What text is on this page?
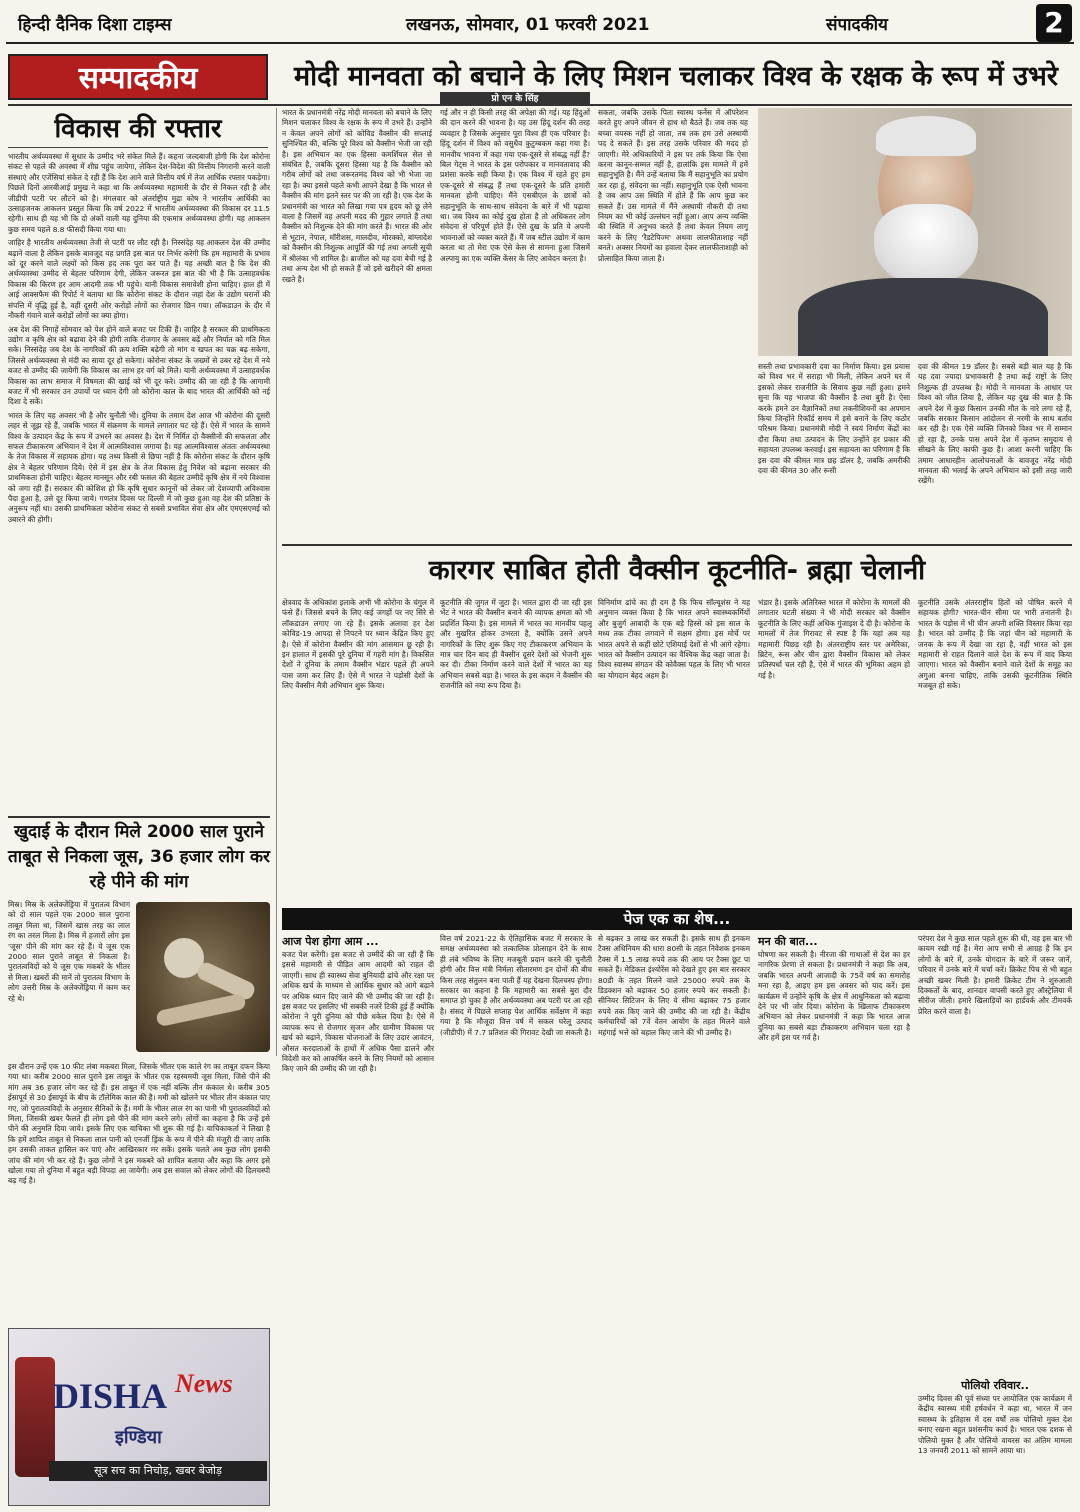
हिन्दी दैनिक दिशा टाइम्स	लखनऊ, सोमवार, 01 फरवरी 2021	संपादकीय	2
सम्पादकीय	मोदी मानवता को बचाने के लिए मिशन चलाकर विश्व के रक्षक के रूप में उभरे
विकास की रफ्तार

भारतीय अर्थव्यवस्था में सुधार के उम्मीद भरे संकेत मिले हैं। कहना जल्दबाजी होगी कि देश कोरोना संकट से पहले की अवस्था में शीघ्र पहुंच जायेगा, लेकिन देश-विदेश की वित्तीय निगरानी करने वाली संस्थाएं और एजेंसियां संकेत दे रही हैं कि देश आने वाले वित्तीय वर्ष में तेज आर्थिक रफ्तार पकड़ेगा। पिछले दिनों आरबीआई प्रमुख ने कहा था कि अर्थव्यवस्था महामारी के दौर से निकल रही है और जीडीपी पटरी पर लौटने को है। मंगलवार को अंतर्राष्ट्रीय मुद्रा कोष ने भारतीय आर्थिकी का उत्साहजनक आकलन प्रस्तुत किया कि वर्ष 2022 में भारतीय अर्थव्यवस्था की विकास दर 11.5 रहेगी। साथ ही यह भी कि दो अंकों वाली यह दुनिया की एकमात्र अर्थव्यवस्था होगी। यह आकलन कुछ समय पहले 8.8 फीसदी किया गया था।

जाहिर है भारतीय अर्थव्यवस्था तेजी से पटरी पर लौट रही है। निस्संदेह यह आकलन देश की उम्मीद बढ़ाने वाला है लेकिन इसके बावजूद यह प्रगति इस बात पर निर्भर करेगी कि हम महामारी के प्रभाव को दूर करने वाले लक्ष्यों को किस हद तक पूरा कर पाते हैं। यह अच्छी बात है कि देश की अर्थव्यवस्था उम्मीद से बेहतर परिणाम देगी, लेकिन जरूरत इस बात की भी है कि उत्साहवर्धक विकास की किरण हर आम आदमी तक भी पहुंचे। यानी विकास समावेशी होना चाहिए। हाल ही में आई आक्सफैम की रिपोर्ट ने बताया था कि कोरोना संकट के दौरान जहां देश के उद्योग घरानों की संपत्ति में वृद्धि हुई है, वहीं दूसरी ओर करोड़ों लोगों का रोजगार छिन गया। लॉकडाउन के दौर में नौकरी गंवाने वाले करोड़ों लोगों का क्या होगा।

अब देश की निगाहें सोमवार को पेश होने वाले बजट पर टिकी हैं। जाहिर है सरकार की प्राथमिकता उद्योग व कृषि क्षेत्र को बढ़ावा देने की होगी ताकि रोजगार के अवसर बढ़ें और निर्यात को गति मिल सके। निस्संदेह जब देश के नागरिकों की क्रय शक्ति बढ़ेगी तो मांग व खपत का चक्र बढ़ सकेगा, जिससे अर्थव्यवस्था से मंदी का साया दूर हो सकेगा। कोरोना संकट के जख्मों से उबर रहे देश में नये बजट से उम्मीद की जायेगी कि विकास का लाभ हर वर्ग को मिले। यानी अर्थव्यवस्था में उत्साहवर्धक विकास का लाभ समाज में विषमता की खाई को भी दूर करे। उम्मीद की जा रही है कि आगामी बजट में भी सरकार उन उपायों पर ध्यान देगी जो कोरोना काल के बाद भारत की आर्थिकी को नई दिशा दे सकें।

भारत के लिए यह अवसर भी है और चुनौती भी। दुनिया के तमाम देश आज भी कोरोना की दूसरी लहर से जूझ रहे हैं, जबकि भारत में संक्रमण के मामले लगातार घट रहे हैं। ऐसे में भारत के सामने विश्व के उत्पादन केंद्र के रूप में उभरने का अवसर है। देश में निर्मित दो वैक्सीनों की सफलता और सफल टीकाकरण अभियान ने देश में आत्मविश्वास जगाया है। यह आत्मविश्वास अंततः अर्थव्यवस्था के तेज विकास में सहायक होगा। यह तथ्य किसी से छिपा नहीं है कि कोरोना संकट के दौरान कृषि क्षेत्र ने बेहतर परिणाम दिये। ऐसे में इस क्षेत्र के तेज विकास हेतु निवेश को बढ़ाना सरकार की प्राथमिकता होनी चाहिए। बेहतर मानसून और रबी फसल की बेहतर उम्मीदें कृषि क्षेत्र में नये विश्वास को जगा रही हैं। सरकार की कोशिश हो कि कृषि सुधार कानूनों को लेकर जो देशव्यापी अविश्वास पैदा हुआ है, उसे दूर किया जाये। गणतंत्र दिवस पर दिल्ली में जो कुछ हुआ वह देश की प्रतिष्ठा के अनुरूप नहीं था। उसकी प्राथमिकता कोरोना संकट से सबसे प्रभावित सेवा क्षेत्र और एमएसएमई को उबारने की होगी।

भारत के प्रधानमंत्री नरेंद्र मोदी मानवता को बचाने के लिए मिशन चलाकर विश्व के रक्षक के रूप में उभरे हैं। उन्होंने न केवल अपने लोगों को कोविड वैक्सीन की सप्लाई सुनिश्चित की, बल्कि पूरे विश्व को वैक्सीन भेजी जा रही है। इस अभियान का एक हिस्सा कमर्शियल सेल से संबंधित है, जबकि दूसरा हिस्सा यह है कि वैक्सीन को गरीब लोगों को तथा जरूरतमंद विश्व को भी भेजा जा रहा है। क्या इससे पहले कभी आपने देखा है कि भारत से वैक्सीन की मांग इतने स्तर पर की जा रही है। एक देश के प्रधानमंत्री का भारत को लिखा गया पत्र हृदय को छू लेने वाला है जिसमें वह अपनी मदद की गुहार लगाते हैं तथा वैक्सीन को निशुल्क देने की मांग करते हैं। भारत की ओर से भूटान, नेपाल, मॉरीशस, मालदीव, मोरक्को, बांग्लादेश को वैक्सीन की निशुल्क आपूर्ति की गई तथा अगली सूची में श्रीलंका भी शामिल है। ब्राजील को यह दवा बेची गई है तथा अन्य देश भी हो सकते हैं जो इसे खरीदने की क्षमता रखते हैं।
प्रो एन के सिंह
गई और न ही किसी तरह की अपेक्षा की गई। यह हिंदुओं की दान करने की भावना है। यह उस हिंदू दर्शन की तरह व्यवहार है जिसके अनुसार पूरा विश्व ही एक परिवार है। हिंदू दर्शन में विश्व को वसुधैव कुटुम्बकम कहा गया है। मानवीय भावना में कहा गया एक-दूसरे से संबद्ध नहीं हैं? बिल गेट्स ने भारत के इस परोपकार व मानवतावाद की प्रशंसा करके सही किया है। एक विश्व में रहते हुए हम एक-दूसरे से संबद्ध हैं तथा एक-दूसरे के प्रति हमारी मानवता होनी चाहिए। मैंने एसबीएल के छात्रों को सहानुभूति के साथ-साथ संवेदना के बारे में भी पढ़ाया था। जब विश्व का कोई दुख होता है तो अधिकतर लोग संवेदना से परिपूर्ण होते हैं। ऐसे दुख के प्रति ये अपनी भावनाओं को व्यक्त करते हैं। मैं जब स्टील उद्योग में काम करता था तो मेरा एक ऐसे केस से सामना हुआ जिसमें अल्पायु का एक व्यक्ति केंसर के लिए आवेदन करता है।
सकता, जबकि उसके पिता स्वास्थ फर्नेस में ऑपरेशन करते हुए अपने जीवन से हाथ धो बैठते हैं। जब तक यह बच्चा वयस्क नहीं हो जाता, तब तक हम उसे अस्थायी पद दे सकते हैं। इस तरह उसके परिवार की मदद हो जाएगी। मेरे अधिकारियों ने इस पर तर्क किया कि ऐसा करना कानून-सम्मत नहीं है, हालांकि इस मामले में हमें सहानुभूति है। मैंने उन्हें बताया कि मैं सहानुभूति का प्रयोग कर रहा हूं, संवेदना का नहीं। सहानुभूति एक ऐसी भावना है जब आप उस स्थिति में होते हैं कि आप कुछ कर सकते हैं। उस मामले में मैंने अस्थायी नौकरी दी तथा नियम का भी कोई उल्लंघन नहीं हुआ। आप अन्य व्यक्ति की स्थिति में अनुभव करते हैं तथा केवल नियम लागू करने के लिए 'रैडटेपिज्म' अथवा लालफीताशाह नहीं बनते। अक्सर नियमों का हवाला देकर लालफीताशाही को प्रोत्साहित किया जाता है।
सस्ती तथा प्रभावकारी दवा का निर्माण किया। इस प्रयास को विश्व भर में सराहा भी मिली, लेकिन अपने घर में इसको लेकर राजनीति के सिवाय कुछ नहीं हुआ। हमने सुना कि यह भाजपा की वैक्सीन है तथा बुरी है। ऐसा करके हमने उन वैज्ञानिकों तथा तकनीशियनों का अपमान किया जिन्होंने रिकॉर्ड समय में इसे बनाने के लिए कठोर परिश्रम किया। प्रधानमंत्री मोदी ने स्वयं निर्माण केंद्रों का दौरा किया तथा उत्पादन के लिए उन्होंने हर प्रकार की सहायता उपलब्ध करवाई। इस सहायता का परिणाम है कि इस दवा की कीमत मात्र छह डॉलर है, जबकि अमरीकी दवा की कीमत 30 और रूसी
दवा की कीमत 19 डॉलर है। सबसे बड़ी बात यह है कि यह दवा ज्यादा प्रभावकारी है तथा कई राष्ट्रों के लिए निशुल्क ही उपलब्ध है। मोदी ने मानवता के आधार पर विश्व को जीत लिया है, लेकिन यह दुख की बात है कि अपने देश में कुछ किसान उनकी मौत के नारे लगा रहे हैं, जबकि सरकार किसान आंदोलन से नरमी के साथ बर्ताव कर रही है। एक ऐसे व्यक्ति जिनको विश्व भर में सम्मान हो रहा है, उनके पास अपने देश में कृतघ्न समुदाय से सीखने के लिए काफी कुछ है। आशा करनी चाहिए कि तमाम आधारहीन आलोचनाओं के बावजूद नरेंद्र मोदी मानवता की भलाई के अपने अभियान को इसी तरह जारी रखेंगे।
कारगर साबित होती वैक्सीन कूटनीति- ब्रह्मा चेलानी
क्षेत्रवाद के अधिकांश इलाके अभी भी कोरोना के चंगुल में फंसे हैं। जिससे बचने के लिए कई जगहों पर नए सिरे से लॉकडाउन लगाए जा रहे हैं। इसके अलावा हर देश कोविड-19 आपदा से निपटने पर ध्यान केंद्रित किए हुए है। ऐसे में कोरोना वैक्सीन की मांग आसमान छू रही है। इन हालात में इसकी पूरे दुनिया में गहरी मांग है। विकसित देशों ने दुनिया के तमाम वैक्सीन भंडार पहले ही अपने पास जमा कर लिए हैं। ऐसे में भारत ने पड़ोसी देशों के लिए वैक्सीन मैत्री अभियान शुरू किया।
कूटनीति की जुगत में जुटा है। भारत द्वारा दी जा रही इस भेंट ने भारत की वैक्सीन बनाने की व्यापक क्षमता को भी प्रदर्शित किया है। इस मामले में भारत का मानवीय पहलू और मुखरित होकर उभरता है, क्योंकि उसने अपने नागरिकों के लिए शुरू किए गए टीकाकरण अभियान के मात्र चार दिन बाद ही वैक्सीन दूसरे देशों को भेजनी शुरू कर दी। टीका निर्माण करने वाले देशों में भारत का यह अभियान सबसे बड़ा है। भारत के इस कदम ने वैक्सीन की राजनीति को नया रूप दिया है।
विनिर्माण ढांचे का ही दम है कि फिच सॉल्यूशंस ने यह अनुमान व्यक्त किया है कि भारत अपने स्वास्थ्यकर्मियों और बुजुर्ग आबादी के एक बड़े हिस्से को इस साल के मध्य तक टीका लगवाने में सक्षम होगा। इस मोर्चे पर भारत अपने से कहीं छोटे एशियाई देशों से भी आगे रहेगा। भारत को वैक्सीन उत्पादन का वैश्विक केंद्र कहा जाता है। विश्व स्वास्थ्य संगठन की कोवैक्स पहल के लिए भी भारत का योगदान बेहद अहम है।
भंडार है। इसके अतिरिक्त भारत में कोरोना के मामलों की लगातार घटती संख्या ने भी मोदी सरकार को वैक्सीन कूटनीति के लिए कहीं अधिक गुंजाइश दे दी है। कोरोना के मामलों में तेज गिरावट से स्पष्ट है कि यहां अब यह महामारी पिछड़ रही है। अंतरराष्ट्रीय स्तर पर अमेरिका, ब्रिटेन, रूस और चीन द्वारा वैक्सीन विकास को लेकर प्रतिस्पर्धा चल रही है, ऐसे में भारत की भूमिका अहम हो गई है।
कूटनीति उसके अंतरराष्ट्रीय हितों को पोषित करने में सहायक होगी? भारत-चीन सीमा पर भारी तनातनी है। भारत के पड़ोस में भी चीन अपनी शक्ति विस्तार किया रहा है। भारत को उम्मीद है कि जहां चीन को महामारी के जनक के रूप में देखा जा रहा है, वहीं भारत को इस महामारी से राहत दिलाने वाले देश के रूप में याद किया जाएगा। भारत को वैक्सीन बनाने वाले देशों के समूह का अगुआ बनना चाहिए, ताकि उसकी कूटनीतिक स्थिति मजबूत हो सके।
खुदाई के दौरान मिले 2000 साल पुराने ताबूत से निकला जूस, 36 हजार लोग कर रहे पीने की मांग
मिस्र। मिस्र के अलेक्जेंड्रिया में पुरातत्व विभाग को दो साल पहले एक 2000 साल पुराना ताबूत मिला था, जिसमें खास तरह का लाल रंग का तरल मिला है। मिस्र में हजारों लोग इस 'जूस' पीने की मांग कर रहे हैं। ये जूस एक 2000 साल पुराने ताबूत से निकला है। पुरातत्वविदों को ये जूस एक मकबरे के भीतर से मिला। खबरों की मानें तो पुरातत्व विभाग के लोग उत्तरी मिस्र के अलेक्जेंड्रिया में काम कर रहे थे।
इस दौरान उन्हें एक 10 फीट लंबा मकबरा मिला, जिसके भीतर एक काले रंग का ताबूत दफन किया गया था। करीब 2000 साल पुराने इस ताबूत के भीतर एक रहस्यमयी जूस मिला, जिसे पीने की मांग अब 36 हजार लोग कर रहे हैं। इस ताबूत में एक नहीं बल्कि तीन कंकाल थे। करीब 305 ईसापूर्व से 30 ईसापूर्व के बीच के टॉलेमिक काल की है। ममी को खोलने पर भीतर तीन कंकाल पाए गए, जो पुरातत्वविदों के अनुसार सैनिकों के हैं। ममी के भीतर लाल रंग का पानी भी पुरातत्वविदों को मिला, जिसकी खबर फैलते ही लोग इसे पीने की मांग करने लगे। लोगों का कहना है कि उन्हें इसे पीने की अनुमति दिया जाये। इसके लिए एक याचिका भी शुरू की गई है। याचिकाकर्ता ने लिखा है कि हमें शापित ताबूत से निकला लाल पानी को एनर्जी ड्रिंक के रूप में पीने की मंजूरी दी जाए ताकि हम उसकी ताकत हासिल कर पाएं और आखिरकार मर सकें। इसके चलते अब कुछ लोग इसकी जांच की मांग भी कर रहे हैं। कुछ लोगों ने इस मकबरे को शापित बताया और कहा कि अगर इसे खोला गया तो दुनिया में बहुत बड़ी विपदा आ जायेगी। अब इस सवाल को लेकर लोगों की दिलचस्पी बढ़ गई है।
पेज एक का शेष...
आज पेश होगा आम ...
बजट पेश करेंगी। इस बजट से उम्मीदें की जा रही हैं कि इससे महामारी से पीड़ित आम आदमी को राहत दी जाएगी। साथ ही स्वास्थ्य सेवा बुनियादी ढांचे और रक्षा पर अधिक खर्च के माध्यम से आर्थिक सुधार को आगे बढ़ाने पर अधिक ध्यान दिए जाने की भी उम्मीद की जा रही है। इस बजट पर इसलिए भी सबकी नजरें टिकी हुई हैं क्योंकि कोरोना ने पूरी दुनिया को पीछे धकेल दिया है। ऐसे में व्यापक रूप से रोजगार सृजन और ग्रामीण विकास पर खर्च को बढ़ाने, विकास योजनाओं के लिए उदार आवंटन, औसत करदाताओं के हाथों में अधिक पैसा डालने और विदेशी कर को आकर्षित करने के लिए नियमों को आसान किए जाने की उम्मीद की जा रही है।
वित्त वर्ष 2021-22 के ऐतिहासिक बजट में सरकार के समक्ष अर्थव्यवस्था को तत्कालिक प्रोत्साहन देने के साथ ही लंबे भविष्य के लिए मजबूती प्रदान करने की चुनौती होगी और वित्त मंत्री निर्मला सीतारमण इन दोनों की बीच किस तरह संतुलन बना पाती हैं यह देखना दिलचस्प होगा। सरकार का कहना है कि महामारी का सबसे बुरा दौर समाप्त हो चुका है और अर्थव्यवस्था अब पटरी पर आ रही है। संसद में पिछले सप्ताह पेश आर्थिक सर्वेक्षण में कहा गया है कि मौजूदा वित्त वर्ष में सकल घरेलू उत्पाद (जीडीपी) में 7.7 प्रतिशत की गिरावट देखी जा सकती है।
से बढ़कर 3 लाख कर सकती है। इसके साथ ही इनकम टैक्स अधिनियम की धारा 80सी के तहत निवेशक इनकम टैक्स में 1.5 लाख रुपये तक की आय पर टैक्स छूट पा सकते हैं। मेडिकल इंश्योरेंस को देखते हुए इस बार सरकार 80डी के तहत मिलने वाले 25000 रुपये तक के डिडक्शन को बढ़ाकर 50 हजार रुपये कर सकती है। सीनियर सिटिजन के लिए ये सीमा बढ़ाकर 75 हजार रुपये तक किए जाने की उम्मीद की जा रही है। केंद्रीय कर्मचारियों को 7वें वेतन आयोग के तहत मिलने वाले महंगाई भत्ते को बहाल किए जाने की भी उम्मीद है।
मन की बात...
घोषणा कर सकती है। नीरजा की गाथाओं से देश का हर नागरिक प्रेरणा ले सकता है। प्रधानमंत्री ने कहा कि अब, जबकि भारत अपनी आजादी के 75वें वर्ष का समारोह मना रहा है, आइए हम इस अवसर को याद करें। इस कार्यक्रम में उन्होंने कृषि के क्षेत्र में आधुनिकता को बढ़ावा देने पर भी जोर दिया। कोरोना के खिलाफ टीकाकरण अभियान को लेकर प्रधानमंत्री ने कहा कि भारत आज दुनिया का सबसे बड़ा टीकाकरण अभियान चला रहा है और हमें इस पर गर्व है।
परंपरा देश ने कुछ साल पहले शुरू की थी, वह इस बार भी कायम रखी गई है। मेरा आप सभी से आग्रह है कि इन लोगों के बारे में, उनके योगदान के बारे में जरूर जानें, परिवार में उनके बारे में चर्चा करें। क्रिकेट पिच से भी बहुत अच्छी खबर मिली है। हमारी क्रिकेट टीम ने शुरुआती दिक्कतों के बाद, शानदार वापसी करते हुए ऑस्ट्रेलिया में सीरीज जीती। हमारे खिलाड़ियों का हार्डवर्क और टीमवर्क प्रेरित करने वाला है।
पोलियो रविवार..
उम्मीद दिवस की पूर्व संध्या पर आयोजित एक कार्यक्रम में केंद्रीय स्वास्थ्य मंत्री हर्षवर्धन ने कहा था, भारत में जन स्वास्थ्य के इतिहास में दस वर्षों तक पोलियो मुक्त देश बनाए रखना बहुत प्रशंसनीय कार्य है। भारत एक दशक से पोलियो मुक्त है और पोलियो वायरस का अंतिम मामला 13 जनवरी 2011 को सामने आया था।
DISHA News
इण्डिया
सूत्र सच का निचोड़, खबर बेजोड़
